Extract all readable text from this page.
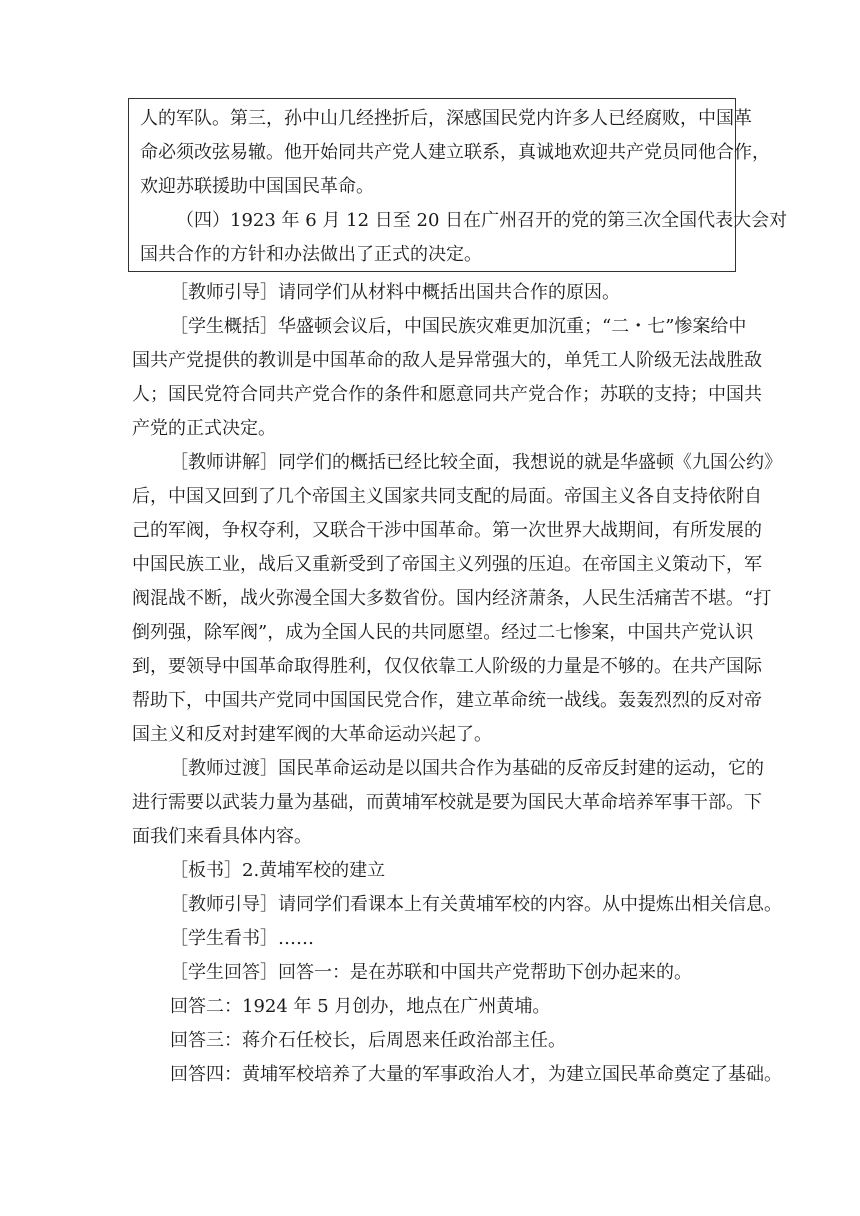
人的军队。第三，孙中山几经挫折后，深感国民党内许多人已经腐败，中国革

命必须改弦易辙。他开始同共产党人建立联系，真诚地欢迎共产党员同他合作，

欢迎苏联援助中国国民革命。

（四）1923 年 6 月 12 日至 20 日在广州召开的党的第三次全国代表大会对

国共合作的方针和办法做出了正式的决定。

［教师引导］请同学们从材料中概括出国共合作的原因。

［学生概括］华盛顿会议后，中国民族灾难更加沉重；“二・七”惨案给中

国共产党提供的教训是中国革命的敌人是异常强大的，单凭工人阶级无法战胜敌

人；国民党符合同共产党合作的条件和愿意同共产党合作；苏联的支持；中国共

产党的正式决定。

［教师讲解］同学们的概括已经比较全面，我想说的就是华盛顿《九国公约》

后，中国又回到了几个帝国主义国家共同支配的局面。帝国主义各自支持依附自

己的军阀，争权夺利，又联合干涉中国革命。第一次世界大战期间，有所发展的

中国民族工业，战后又重新受到了帝国主义列强的压迫。在帝国主义策动下，军

阀混战不断，战火弥漫全国大多数省份。国内经济萧条，人民生活痛苦不堪。“打

倒列强，除军阀”，成为全国人民的共同愿望。经过二七惨案，中国共产党认识

到，要领导中国革命取得胜利，仅仅依靠工人阶级的力量是不够的。在共产国际

帮助下，中国共产党同中国国民党合作，建立革命统一战线。轰轰烈烈的反对帝

国主义和反对封建军阀的大革命运动兴起了。

［教师过渡］国民革命运动是以国共合作为基础的反帝反封建的运动，它的

进行需要以武装力量为基础，而黄埔军校就是要为国民大革命培养军事干部。下

面我们来看具体内容。

［板书］2.黄埔军校的建立

［教师引导］请同学们看课本上有关黄埔军校的内容。从中提炼出相关信息。

［学生看书］……

［学生回答］回答一：是在苏联和中国共产党帮助下创办起来的。

回答二：1924 年 5 月创办，地点在广州黄埔。

回答三：蒋介石任校长，后周恩来任政治部主任。

回答四：黄埔军校培养了大量的军事政治人才，为建立国民革命奠定了基础。
